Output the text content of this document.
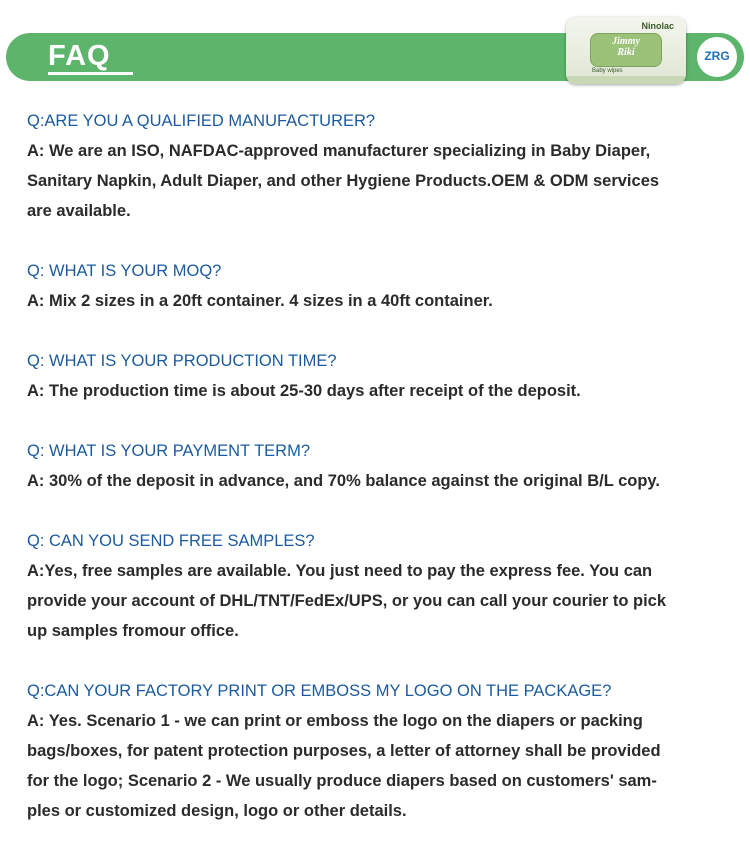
FAQ
Ninolac
Jimmy
Riki
Baby wipes
ZRG
Q:ARE YOU A QUALIFIED MANUFACTURER?
A: We are an ISO, NAFDAC-approved manufacturer specializing in Baby Diaper,
Sanitary Napkin, Adult Diaper, and other Hygiene Products.OEM & ODM services
are available.
Q: WHAT IS YOUR MOQ?
A: Mix 2 sizes in a 20ft container. 4 sizes in a 40ft container.
Q: WHAT IS YOUR PRODUCTION TIME?
A: The production time is about 25-30 days after receipt of the deposit.
Q: WHAT IS YOUR PAYMENT TERM?
A: 30% of the deposit in advance, and 70% balance against the original B/L copy.
Q: CAN YOU SEND FREE SAMPLES?
A:Yes, free samples are available. You just need to pay the express fee. You can
provide your account of DHL/TNT/FedEx/UPS, or you can call your courier to pick
up samples fromour office.
Q:CAN YOUR FACTORY PRINT OR EMBOSS MY LOGO ON THE PACKAGE?
A: Yes. Scenario 1 - we can print or emboss the logo on the diapers or packing
bags/boxes, for patent protection purposes, a letter of attorney shall be provided
for the logo; Scenario 2 - We usually produce diapers based on customers' sam-
ples or customized design, logo or other details.
